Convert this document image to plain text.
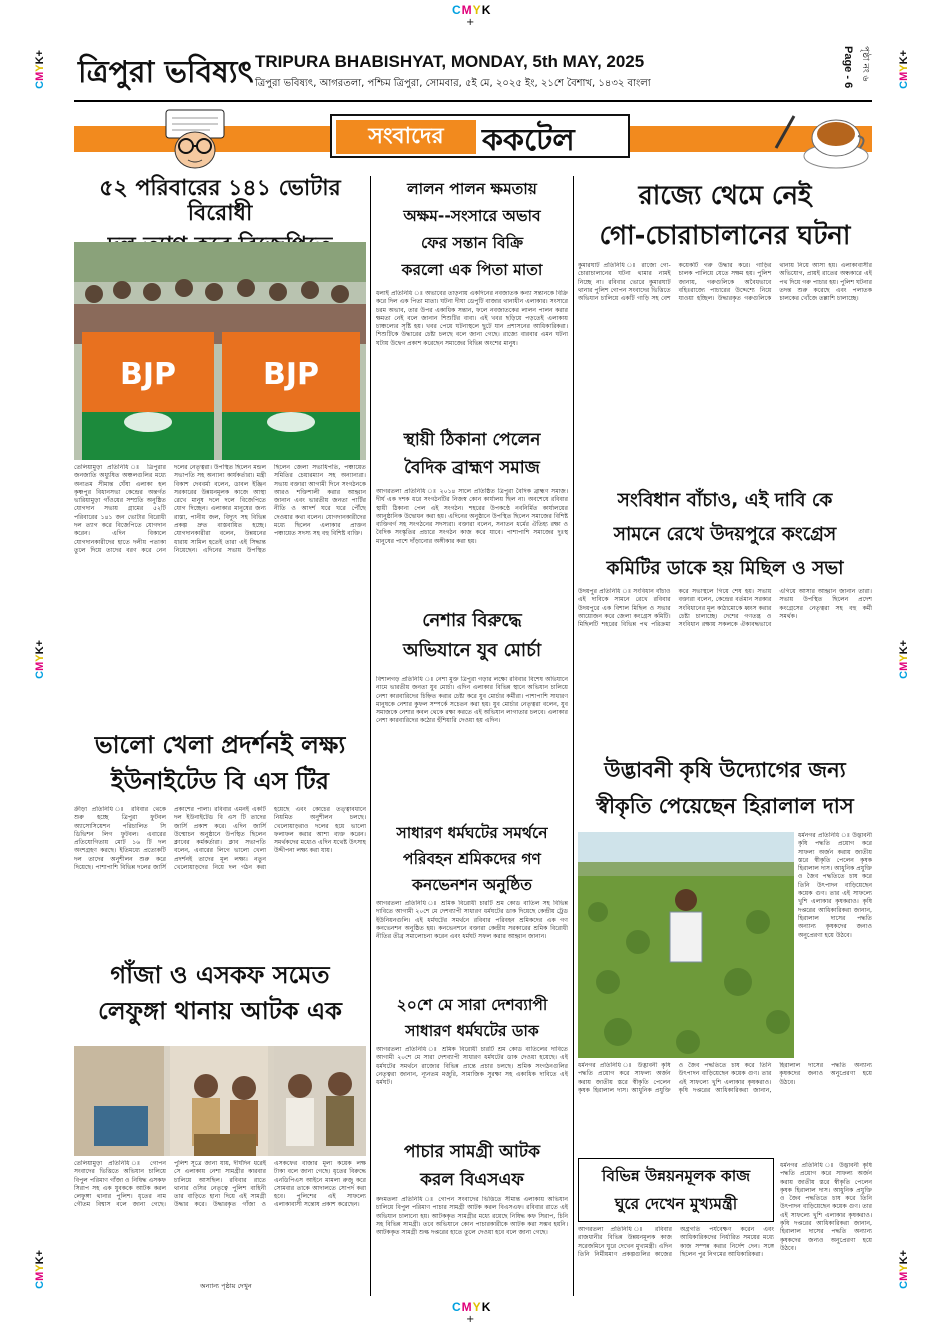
CMYK
+
CMYK
+
CMYK+
CMYK+
CMYK+
CMYK+
CMYK+
CMYK+
ত্রিপুরা ভবিষ্যৎ TRIPURA BHABISHYAT, MONDAY, 5th MAY, 2025
ত্রিপুরা ভবিষ্যৎ, আগরতলা, পশ্চিম ত্রিপুরা, সোমবার, ৫ই মে, ২০২৫ ইং, ২১শে বৈশাখ, ১৪৩২ বাংলা	Page - 6 পৃষ্ঠা নং ৬
সংবাদের	ককটেল
৫২ পরিবারের ১৪১ ভোটার বিরোধী
BJP	BJP
তেলিয়ামুড়া প্রতিনিধি ঃ ত্রিপুরার জনজাতি অধ্যুষিত অঞ্চলগুলির মধ্যে অন্যতম সীমান্ত ঘেঁষা এলাকা হল কৃষ্ণপুর বিধানসভা কেন্দ্রের অন্তর্গত ভারিয়ামুড়া গাঁওয়ের সম্প্রতি অনুষ্ঠিত যোগদান সভায় গ্রামের ৫২টি পরিবারের ১৪১ জন ভোটার বিরোধী দল ত্যাগ করে বিজেপিতে যোগদান করেন। এদিন বিকালে যোগদানকারীদের হাতে দলীয় পতাকা তুলে দিয়ে তাদের বরণ করে নেন দলের নেতৃত্বরা। উপস্থিত ছিলেন মন্ডল সভাপতি সহ অন্যান্য কার্যকর্তারা। মন্ত্রী বিকাশ দেববর্মা বলেন, ডাবল ইঞ্জিন সরকারের উন্নয়নমূলক কাজে আস্থা রেখে মানুষ দলে দলে বিজেপিতে যোগ দিচ্ছেন। এলাকার মানুষের জন্য রাস্তা, পানীয় জল, বিদ্যুৎ সহ বিভিন্ন প্রকল্প দ্রুত বাস্তবায়িত হচ্ছে। যোগদানকারীরা বলেন, উন্নয়নের ধারায় সামিল হতেই তারা এই সিদ্ধান্ত নিয়েছেন। এদিনের সভায় উপস্থিত ছিলেন জেলা সভাধিপতি, পঞ্চায়েত সমিতির চেয়ারম্যান সহ অন্যান্যরা। সভায় বক্তারা আগামী দিনে সংগঠনকে আরও শক্তিশালী করার আহ্বান জানান এবং ভারতীয় জনতা পার্টির নীতি ও আদর্শ ঘরে ঘরে পৌঁছে দেওয়ার কথা বলেন। যোগদানকারীদের মধ্যে ছিলেন এলাকার প্রাক্তন পঞ্চায়েত সদস্য সহ বহু বিশিষ্ট ব্যক্তি।
ভালো খেলা প্রদর্শনই লক্ষ্য
ইউনাইটেড বি এস টির
ক্রীড়া প্রতিনিধি ঃ রবিবার থেকে শুরু হচ্ছে ত্রিপুরা ফুটবল অ্যাসোসিয়েশন পরিচালিত সি ডিভিশন লিগ ফুটবল। এবারের প্রতিযোগিতায় মোট ১৬ টি দল অংশগ্রহণ করছে। ইতিমধ্যে প্রত্যেকটি দল তাদের অনুশীলন শুরু করে দিয়েছে। পাশাপাশি বিভিন্ন দলের জার্সি প্রকাশের পালা। রবিবার এমনই একটি দল ইউনাইটেড বি এস টি তাদের জার্সি প্রকাশ করে। এদিন জার্সি উন্মোচন অনুষ্ঠানে উপস্থিত ছিলেন ক্লাবের কর্মকর্তারা। ক্লাব সভাপতি বলেন, এবারের লিগে ভালো খেলা প্রদর্শনই তাদের মূল লক্ষ্য। নতুন খেলোয়াড়দের নিয়ে দল গঠন করা হয়েছে এবং কোচের তত্ত্বাবধানে নিয়মিত অনুশীলন চলছে। খেলোয়াড়রাও দলের হয়ে ভালো ফলাফল করার আশা ব্যক্ত করেন। সমর্থকদের মধ্যেও এদিন যথেষ্ট উৎসাহ উদ্দীপনা লক্ষ্য করা যায়।
গাঁজা ও এসকফ সমেত
লেফুঙ্গা থানায় আটক এক
তেলিয়ামুড়া প্রতিনিধি ঃ গোপন সংবাদের ভিত্তিতে অভিযান চালিয়ে বিপুল পরিমাণ গাঁজা ও নিষিদ্ধ এসকফ সিরাপ সহ এক যুবককে আটক করল লেফুঙ্গা থানার পুলিশ। ধৃতের নাম গৌতম বিশ্বাস বলে জানা গেছে। পুলিশ সূত্রে জানা যায়, দীর্ঘদিন ধরেই সে এলাকায় নেশা সামগ্রীর কারবার চালিয়ে আসছিল। রবিবার রাতে থানার ওসির নেতৃত্বে পুলিশ বাহিনী তার বাড়িতে হানা দিয়ে এই সামগ্রী উদ্ধার করে। উদ্ধারকৃত গাঁজা ও এসকফের বাজার মূল্য কয়েক লক্ষ টাকা বলে জানা গেছে। ধৃতের বিরুদ্ধে এনডিপিএস আইনে মামলা রুজু করে সোমবার তাকে আদালতে সোপর্দ করা হবে। পুলিশের এই সাফল্যে এলাকাবাসী সন্তোষ প্রকাশ করেছেন।
অন্যান্য পৃষ্ঠায় দেখুন
লালন পালন ক্ষমতায়
অক্ষম--সংসারে অভাব
ফের সন্তান বিক্রি
করলো এক পিতা মাতা
ধলাই প্রতিনিধি ঃ অভাবের তাড়নায় একদিনের নবজাতক কন্যা সন্তানকে বিক্রি করে দিল এক পিতা মাতা। ঘটনা দীঘা ডেপুটি বাজার থানাধীন এলাকার। সংসারে চরম অভাব, তার উপর একাধিক সন্তান, ফলে নবজাতকের লালন পালন করার ক্ষমতা নেই বলে জানান শিশুটির বাবা। এই খবর ছড়িয়ে পড়তেই এলাকায় চাঞ্চল্যের সৃষ্টি হয়। খবর পেয়ে ঘটনাস্থলে ছুটে যান প্রশাসনের আধিকারিকরা। শিশুটিকে উদ্ধারের চেষ্টা চলছে বলে জানা গেছে। রাজ্যে বারবার এমন ঘটনা ঘটায় উদ্বেগ প্রকাশ করেছেন সমাজের বিভিন্ন অংশের মানুষ।
স্থায়ী ঠিকানা পেলেন
বৈদিক ব্রাহ্মণ সমাজ
আগরতলা প্রতিনিধি ঃ ২০১৪ সালে প্রতিষ্ঠিত ত্রিপুরা বৈদিক ব্রাহ্মণ সমাজ। দীর্ঘ এক দশক ধরে সংগঠনটির নিজস্ব কোন কার্যালয় ছিল না। অবশেষে রবিবার স্থায়ী ঠিকানা পেল এই সংগঠন। শহরের উপকণ্ঠে নবনির্মিত কার্যালয়ের আনুষ্ঠানিক উদ্বোধন করা হয়। এদিনের অনুষ্ঠানে উপস্থিত ছিলেন সমাজের বিশিষ্ট ব্যক্তিবর্গ সহ সংগঠনের সদস্যরা। বক্তারা বলেন, সনাতন ধর্মের ঐতিহ্য রক্ষা ও বৈদিক সংস্কৃতির প্রচারে সংগঠন কাজ করে যাবে। পাশাপাশি সমাজের দুঃস্থ মানুষের পাশে দাঁড়ানোর অঙ্গীকার করা হয়।
নেশার বিরুদ্ধে
অভিযানে যুব মোর্চা
বিশালগড় প্রতিনিধি ঃ নেশা মুক্ত ত্রিপুরা গড়ার লক্ষ্যে রবিবার বিশেষ অভিযানে নামে ভারতীয় জনতা যুব মোর্চা। এদিন এলাকার বিভিন্ন স্থানে অভিযান চালিয়ে নেশা কারবারিদের চিহ্নিত করার চেষ্টা করে যুব মোর্চার কর্মীরা। পাশাপাশি সাধারণ মানুষকে নেশার কুফল সম্পর্কে সচেতন করা হয়। যুব মোর্চার নেতৃত্বরা বলেন, যুব সমাজকে নেশার কবল থেকে রক্ষা করতে এই অভিযান লাগাতার চলবে। এলাকার নেশা কারবারিদের কঠোর হুঁশিয়ারি দেওয়া হয় এদিন।
সাধারণ ধর্মঘটের সমর্থনে
পরিবহন শ্রমিকদের গণ
কনভেনশন অনুষ্ঠিত
আগরতলা প্রতিনিধি ঃ শ্রমিক বিরোধী চারটি শ্রম কোড বাতিল সহ বিভিন্ন দাবিতে আগামী ২০শে মে দেশব্যাপী সাধারণ ধর্মঘটের ডাক দিয়েছে কেন্দ্রীয় ট্রেড ইউনিয়নগুলি। এই ধর্মঘটের সমর্থনে রবিবার পরিবহন শ্রমিকদের এক গণ কনভেনশন অনুষ্ঠিত হয়। কনভেনশনে বক্তারা কেন্দ্রীয় সরকারের শ্রমিক বিরোধী নীতির তীব্র সমালোচনা করেন এবং ধর্মঘট সফল করার আহ্বান জানান।
২০শে মে সারা দেশব্যাপী
সাধারণ ধর্মঘটের ডাক
আগরতলা প্রতিনিধি ঃ শ্রমিক বিরোধী চারটি শ্রম কোড বাতিলের দাবিতে আগামী ২০শে মে সারা দেশব্যাপী সাধারণ ধর্মঘটের ডাক দেওয়া হয়েছে। এই ধর্মঘটের সমর্থনে রাজ্যের বিভিন্ন প্রান্তে প্রচার চলছে। শ্রমিক সংগঠনগুলির নেতৃত্বরা জানান, ন্যূনতম মজুরি, সামাজিক সুরক্ষা সহ একাধিক দাবিতে এই ধর্মঘট।
পাচার সামগ্রী আটক
করল বিএসএফ
কদমতলা প্রতিনিধি ঃ গোপন সংবাদের ভিত্তিতে সীমান্ত এলাকায় অভিযান চালিয়ে বিপুল পরিমাণ পাচার সামগ্রী আটক করল বিএসএফ। রবিবার রাতে এই অভিযান চালানো হয়। আটককৃত সামগ্রীর মধ্যে রয়েছে নিষিদ্ধ কফ সিরাপ, চিনি সহ বিভিন্ন সামগ্রী। তবে অভিযানে কোন পাচারকারীকে আটক করা সম্ভব হয়নি। আটককৃত সামগ্রী শুল্ক দপ্তরের হাতে তুলে দেওয়া হবে বলে জানা গেছে।
রাজ্যে থেমে নেই
গো-চোরাচালানের ঘটনা
কুমারঘাট প্রতিনিধি ঃ রাজ্যে গো-চোরাচালানের ঘটনা থামার নামই নিচ্ছে না। রবিবার ভোরে কুমারঘাট থানার পুলিশ গোপন সংবাদের ভিত্তিতে অভিযান চালিয়ে একটি গাড়ি সহ বেশ কয়েকটি গরু উদ্ধার করে। গাড়ির চালক পালিয়ে যেতে সক্ষম হয়। পুলিশ জানায়, গরুগুলিকে অবৈধভাবে বহিঃরাজ্যে পাচারের উদ্দেশ্যে নিয়ে যাওয়া হচ্ছিল। উদ্ধারকৃত গরুগুলিকে থানায় নিয়ে আসা হয়। এলাকাবাসীর অভিযোগ, প্রায়ই রাতের অন্ধকারে এই পথ দিয়ে গরু পাচার হয়। পুলিশ ঘটনার তদন্ত শুরু করেছে এবং পলাতক চালকের খোঁজে তল্লাশি চালাচ্ছে।
সংবিধান বাঁচাও, এই দাবি কে
সামনে রেখে উদয়পুরে কংগ্রেস
কমিটির ডাকে হয় মিছিল ও সভা
উদয়পুর প্রতিনিধি ঃ সংবিধান বাঁচাও এই দাবিকে সামনে রেখে রবিবার উদয়পুরে এক বিশাল মিছিল ও সভার আয়োজন করে জেলা কংগ্রেস কমিটি। মিছিলটি শহরের বিভিন্ন পথ পরিক্রমা করে সভাস্থলে গিয়ে শেষ হয়। সভায় বক্তারা বলেন, কেন্দ্রের বর্তমান সরকার সংবিধানের মূল কাঠামোকে ধ্বংস করার চেষ্টা চালাচ্ছে। দেশের গণতন্ত্র ও সংবিধান রক্ষায় সকলকে ঐক্যবদ্ধভাবে এগিয়ে আসার আহ্বান জানান তারা। সভায় উপস্থিত ছিলেন প্রদেশ কংগ্রেসের নেতৃত্বরা সহ বহু কর্মী সমর্থক।
উদ্ভাবনী কৃষি উদ্যোগের জন্য
স্বীকৃতি পেয়েছেন হিরালাল দাস
ধর্মনগর প্রতিনিধি ঃ উদ্ভাবনী কৃষি পদ্ধতি প্রয়োগ করে সাফল্য অর্জন করায় জাতীয় স্তরে স্বীকৃতি পেলেন কৃষক হিরালাল দাস। আধুনিক প্রযুক্তি ও জৈব পদ্ধতিতে চাষ করে তিনি উৎপাদন বাড়িয়েছেন কয়েক গুণ। তার এই সাফল্যে খুশি এলাকার কৃষকরাও। কৃষি দপ্তরের আধিকারিকরা জানান, হিরালাল দাসের পদ্ধতি অন্যান্য কৃষকদের জন্যও অনুপ্রেরণা হয়ে উঠবে।
ধর্মনগর প্রতিনিধি ঃ উদ্ভাবনী কৃষি পদ্ধতি প্রয়োগ করে সাফল্য অর্জন করায় জাতীয় স্তরে স্বীকৃতি পেলেন কৃষক হিরালাল দাস। আধুনিক প্রযুক্তি ও জৈব পদ্ধতিতে চাষ করে তিনি উৎপাদন বাড়িয়েছেন কয়েক গুণ। তার এই সাফল্যে খুশি এলাকার কৃষকরাও। কৃষি দপ্তরের আধিকারিকরা জানান, হিরালাল দাসের পদ্ধতি অন্যান্য কৃষকদের জন্যও অনুপ্রেরণা হয়ে উঠবে।
বিভিন্ন উন্নয়নমূলক কাজ
ঘুরে দেখেন মুখ্যমন্ত্রী
আগরতলা প্রতিনিধি ঃ রবিবার রাজধানীর বিভিন্ন উন্নয়নমূলক কাজ সরেজমিনে ঘুরে দেখেন মুখ্যমন্ত্রী। এদিন তিনি নির্মীয়মাণ প্রকল্পগুলির কাজের অগ্রগতি পর্যবেক্ষণ করেন এবং আধিকারিকদের নির্ধারিত সময়ের মধ্যে কাজ সম্পন্ন করার নির্দেশ দেন। সঙ্গে ছিলেন পুর নিগমের আধিকারিকরা।
ধর্মনগর প্রতিনিধি ঃ উদ্ভাবনী কৃষি পদ্ধতি প্রয়োগ করে সাফল্য অর্জন করায় জাতীয় স্তরে স্বীকৃতি পেলেন কৃষক হিরালাল দাস। আধুনিক প্রযুক্তি ও জৈব পদ্ধতিতে চাষ করে তিনি উৎপাদন বাড়িয়েছেন কয়েক গুণ। তার এই সাফল্যে খুশি এলাকার কৃষকরাও। কৃষি দপ্তরের আধিকারিকরা জানান, হিরালাল দাসের পদ্ধতি অন্যান্য কৃষকদের জন্যও অনুপ্রেরণা হয়ে উঠবে।
